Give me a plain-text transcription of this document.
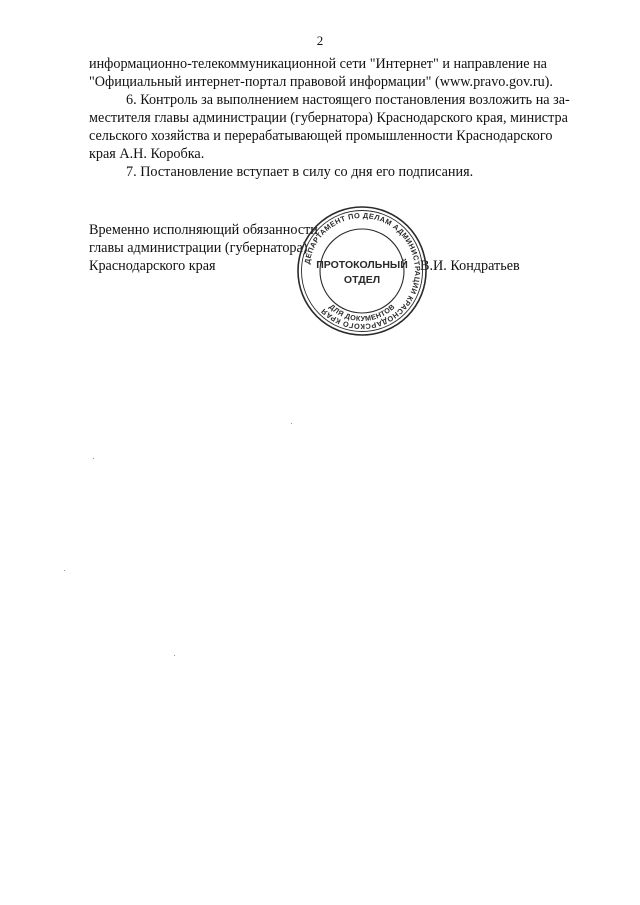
2

информационно-телекоммуникационной сети "Интернет" и направление на
"Официальный интернет-портал правовой информации" (www.pravo.gov.ru).

6. Контроль за выполнением настоящего постановления возложить на за-
местителя главы администрации (губернатора) Краснодарского края, министра
сельского хозяйства и перерабатывающей промышленности Краснодарского
края А.Н. Коробка.

7. Постановление вступает в силу со дня его подписания.

Временно исполняющий обязанности
главы администрации (губернатора)
Краснодарского края	В.И. Кондратьев
ДЕПАРТАМЕНТ ПО ДЕЛАМ АДМИНИСТРАЦИИ КРАСНОДАРСКОГО КРАЯ
ДЛЯ ДОКУМЕНТОВ
ПРОТОКОЛЬНЫЙ
ОТДЕЛ
